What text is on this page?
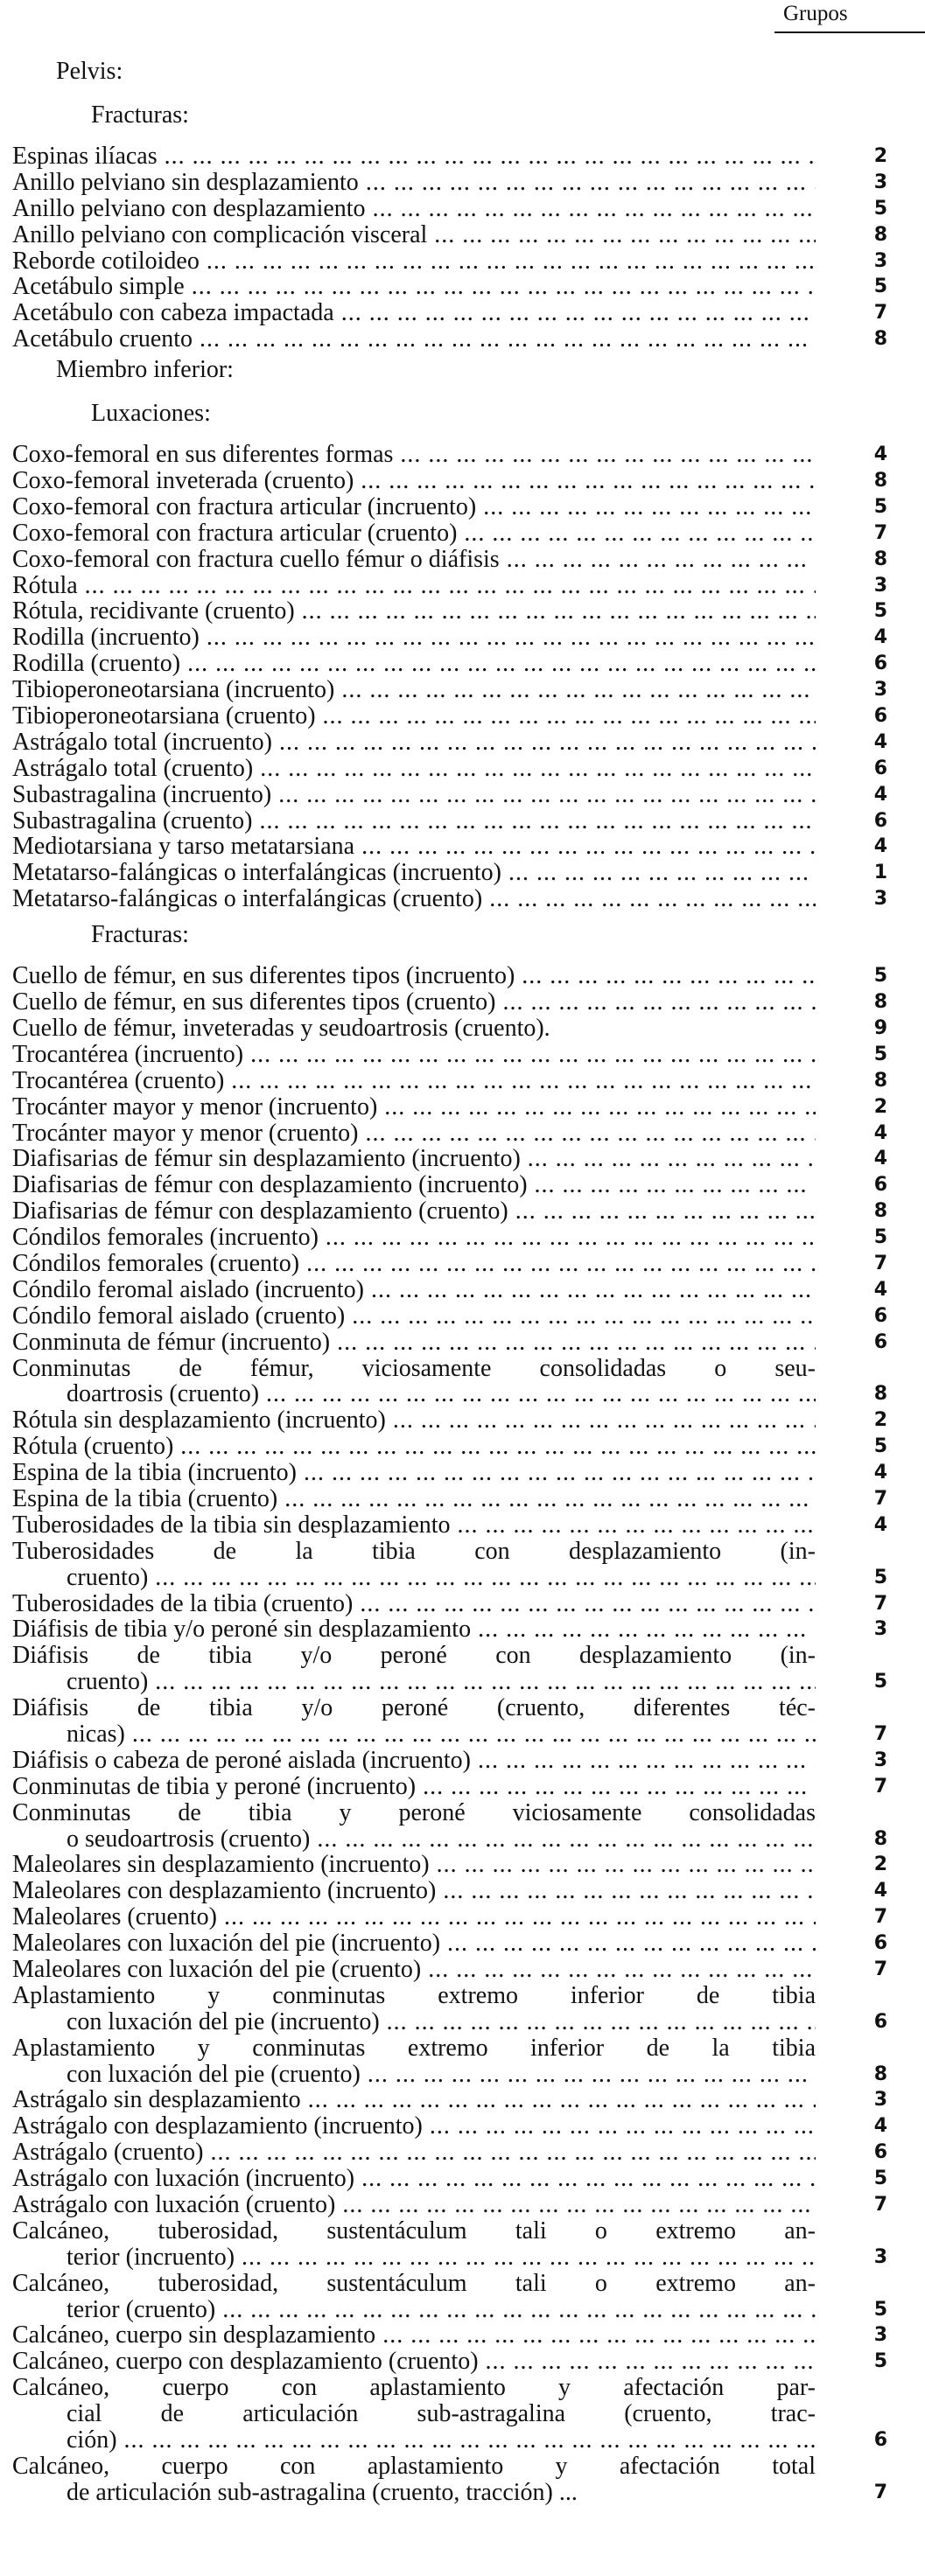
Grupos
Pelvis:
Fracturas:
Espinas ilíacas ... .	2
Anillo pelviano sin desplazamiento ... .	3
Anillo pelviano con desplazamiento ... .	5
Anillo pelviano con complicación visceral ... .	8
Reborde cotiloideo ... .	3
Acetábulo simple ... .	5
Acetábulo con cabeza impactada ... .	7
Acetábulo cruento ... .	8
Miembro inferior:
Luxaciones:
Coxo-femoral en sus diferentes formas ... .	4
Coxo-femoral inveterada (cruento) ... .	8
Coxo-femoral con fractura articular (incruento) ... .	5
Coxo-femoral con fractura articular (cruento) ... .	7
Coxo-femoral con fractura cuello fémur o diáfisis ... .	8
Rótula ... .	3
Rótula, recidivante (cruento) ... .	5
Rodilla (incruento) ... .	4
Rodilla (cruento) ... .	6
Tibioperoneotarsiana (incruento) ... .	3
Tibioperoneotarsiana (cruento) ... .	6
Astrágalo total (incruento) ... .	4
Astrágalo total (cruento) ... .	6
Subastragalina (incruento) ... .	4
Subastragalina (cruento) ... .	6
Mediotarsiana y tarso metatarsiana ... .	4
Metatarso-falángicas o interfalángicas (incruento) ... .	1
Metatarso-falángicas o interfalángicas (cruento) ... .	3
Fracturas:
Cuello de fémur, en sus diferentes tipos (incruento) ... .	5
Cuello de fémur, en sus diferentes tipos (cruento) ... .	8
Cuello de fémur, inveteradas y seudoartrosis (cruento).	9
Trocantérea (incruento) ... .	5
Trocantérea (cruento) ... .	8
Trocánter mayor y menor (incruento) ... .	2
Trocánter mayor y menor (cruento) ... .	4
Diafisarias de fémur sin desplazamiento (incruento) ... .	4
Diafisarias de fémur con desplazamiento (incruento) ... .	6
Diafisarias de fémur con desplazamiento (cruento) ... .	8
Cóndilos femorales (incruento) ... .	5
Cóndilos femorales (cruento) ... .	7
Cóndilo feromal aislado (incruento) ... .	4
Cóndilo femoral aislado (cruento) ... .	6
Conminuta de fémur (incruento) ... .	6
Conminutas de fémur, viciosamente consolidadas o seu-
doartrosis (cruento) ... .	8
Rótula sin desplazamiento (incruento) ... .	2
Rótula (cruento) ... .	5
Espina de la tibia (incruento) ... .	4
Espina de la tibia (cruento) ... .	7
Tuberosidades de la tibia sin desplazamiento ... .	4
Tuberosidades de la tibia con desplazamiento (in-
cruento) ... .	5
Tuberosidades de la tibia (cruento) ... .	7
Diáfisis de tibia y/o peroné sin desplazamiento ... .	3
Diáfisis de tibia y/o peroné con desplazamiento (in-
cruento) ... .	5
Diáfisis de tibia y/o peroné (cruento, diferentes téc-
nicas) ... .	7
Diáfisis o cabeza de peroné aislada (incruento) ... .	3
Conminutas de tibia y peroné (incruento) ... .	7
Conminutas de tibia y peroné viciosamente consolidadas
o seudoartrosis (cruento) ... .	8
Maleolares sin desplazamiento (incruento) ... .	2
Maleolares con desplazamiento (incruento) ... .	4
Maleolares (cruento) ... .	7
Maleolares con luxación del pie (incruento) ... .	6
Maleolares con luxación del pie (cruento) ... .	7
Aplastamiento y conminutas extremo inferior de tibia
con luxación del pie (incruento) ... .	6
Aplastamiento y conminutas extremo inferior de la tibia
con luxación del pie (cruento) ... .	8
Astrágalo sin desplazamiento ... .	3
Astrágalo con desplazamiento (incruento) ... .	4
Astrágalo (cruento) ... .	6
Astrágalo con luxación (incruento) ... .	5
Astrágalo con luxación (cruento) ... .	7
Calcáneo, tuberosidad, sustentáculum tali o extremo an-
terior (incruento) ... .	3
Calcáneo, tuberosidad, sustentáculum tali o extremo an-
terior (cruento) ... .	5
Calcáneo, cuerpo sin desplazamiento ... .	3
Calcáneo, cuerpo con desplazamiento (cruento) ... .	5
Calcáneo, cuerpo con aplastamiento y afectación par-
cial de articulación sub-astragalina (cruento, trac-
ción) ... .	6
Calcáneo, cuerpo con aplastamiento y afectación total
de articulación sub-astragalina (cruento, tracción) ...	7
